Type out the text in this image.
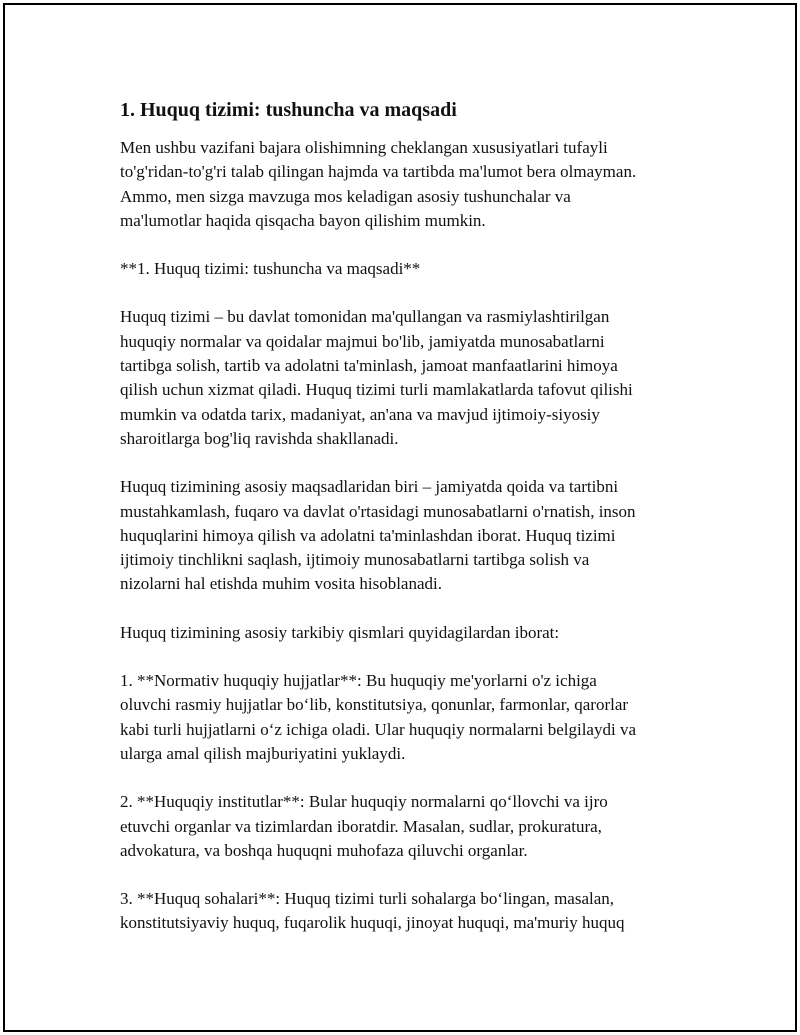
1. Huquq tizimi: tushuncha va maqsadi
Men ushbu vazifani bajara olishimning cheklangan xususiyatlari tufayli
to'g'ridan-to'g'ri talab qilingan hajmda va tartibda ma'lumot bera olmayman.
Ammo, men sizga mavzuga mos keladigan asosiy tushunchalar va
ma'lumotlar haqida qisqacha bayon qilishim mumkin.
**1. Huquq tizimi: tushuncha va maqsadi**
Huquq tizimi – bu davlat tomonidan ma'qullangan va rasmiylashtirilgan
huquqiy normalar va qoidalar majmui bo'lib, jamiyatda munosabatlarni
tartibga solish, tartib va adolatni ta'minlash, jamoat manfaatlarini himoya
qilish uchun xizmat qiladi. Huquq tizimi turli mamlakatlarda tafovut qilishi
mumkin va odatda tarix, madaniyat, an'ana va mavjud ijtimoiy-siyosiy
sharoitlarga bog'liq ravishda shakllanadi.
Huquq tizimining asosiy maqsadlaridan biri – jamiyatda qoida va tartibni
mustahkamlash, fuqaro va davlat o'rtasidagi munosabatlarni o'rnatish, inson
huquqlarini himoya qilish va adolatni ta'minlashdan iborat. Huquq tizimi
ijtimoiy tinchlikni saqlash, ijtimoiy munosabatlarni tartibga solish va
nizolarni hal etishda muhim vosita hisoblanadi.
Huquq tizimining asosiy tarkibiy qismlari quyidagilardan iborat:
1. **Normativ huquqiy hujjatlar**: Bu huquqiy me'yorlarni o'z ichiga
oluvchi rasmiy hujjatlar bo‘lib, konstitutsiya, qonunlar, farmonlar, qarorlar
kabi turli hujjatlarni o‘z ichiga oladi. Ular huquqiy normalarni belgilaydi va
ularga amal qilish majburiyatini yuklaydi.
2. **Huquqiy institutlar**: Bular huquqiy normalarni qo‘llovchi va ijro
etuvchi organlar va tizimlardan iboratdir. Masalan, sudlar, prokuratura,
advokatura, va boshqa huquqni muhofaza qiluvchi organlar.
3. **Huquq sohalari**: Huquq tizimi turli sohalarga bo‘lingan, masalan,
konstitutsiyaviy huquq, fuqarolik huquqi, jinoyat huquqi, ma'muriy huquq
